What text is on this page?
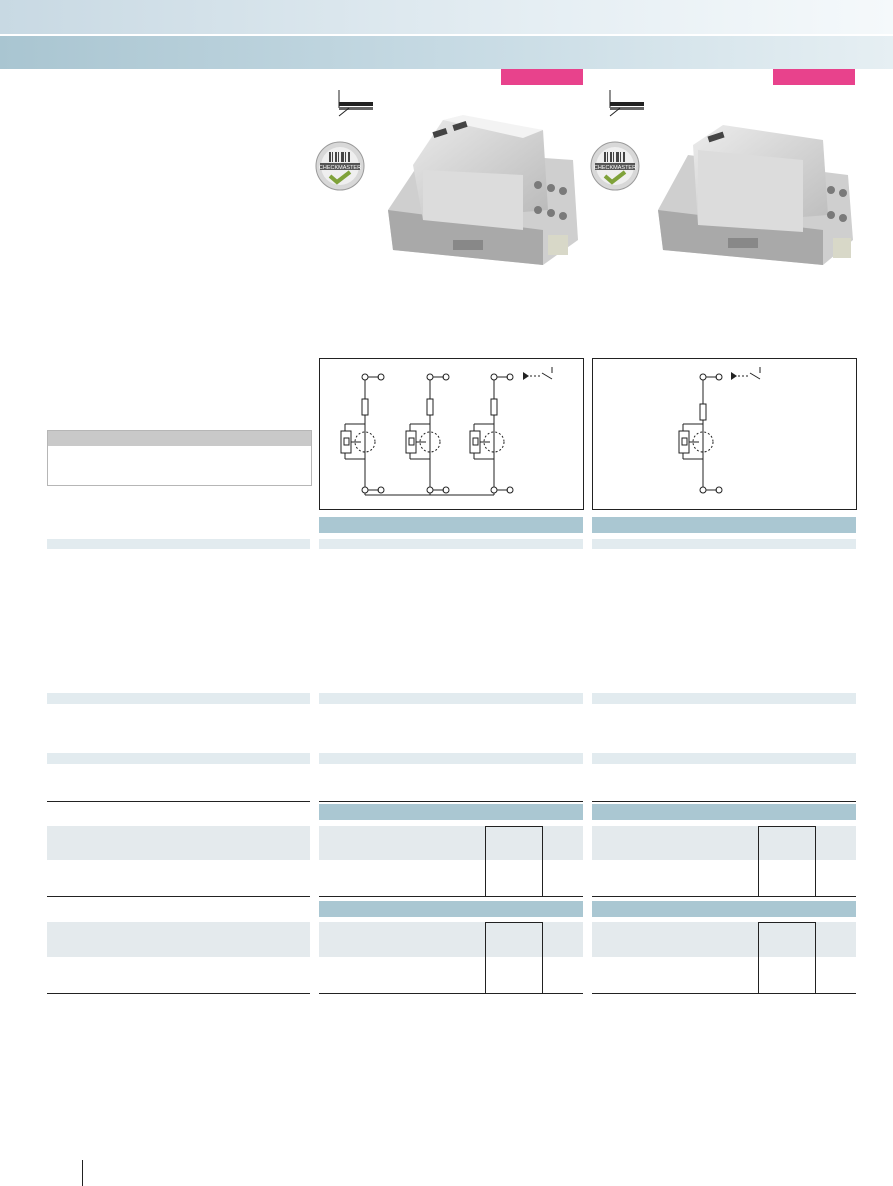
CHECKMASTER	CHECKMASTER
